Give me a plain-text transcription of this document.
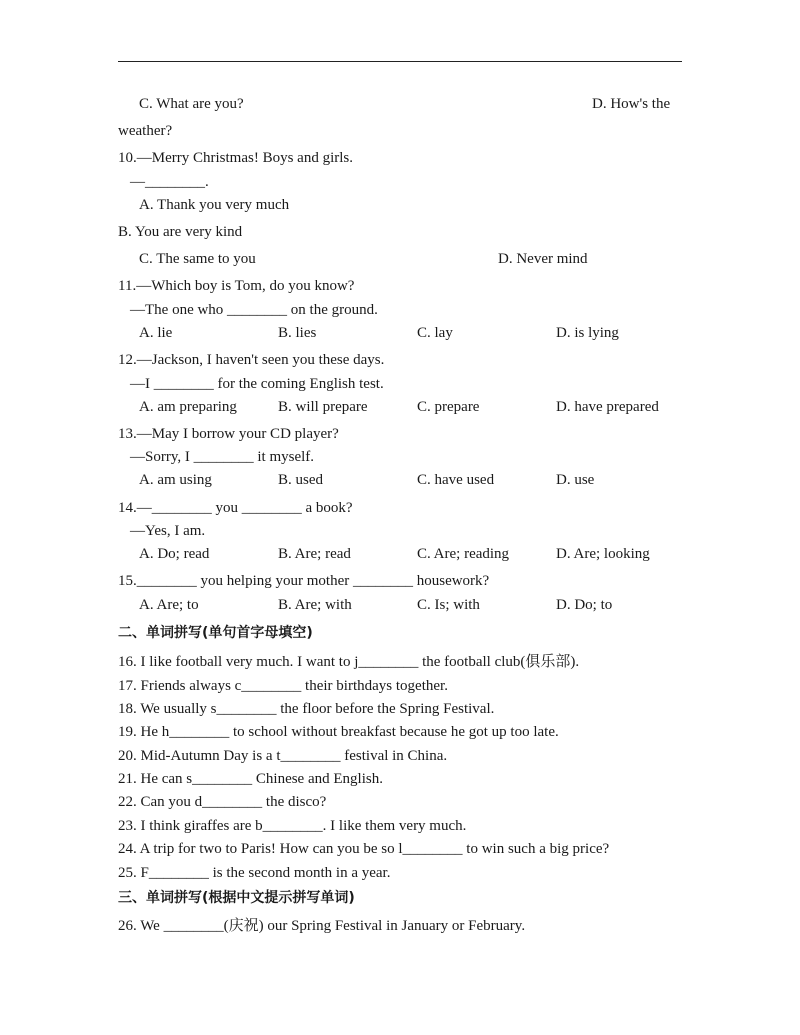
C. What are you?	D. How's the
weather?
10.—Merry Christmas! Boys and girls.
—________.
A. Thank you very much
B. You are very kind
C. The same to you	D. Never mind
11.—Which boy is Tom, do you know?
—The one who ________ on the ground.
A. lie	B. lies	C. lay	D. is lying
12.—Jackson, I haven't seen you these days.
—I ________ for the coming English test.
A. am preparing	B. will prepare	C. prepare	D. have prepared
13.—May I borrow your CD player?
—Sorry, I ________ it myself.
A. am using	B. used	C. have used	D. use
14.—________ you ________ a book?
—Yes, I am.
A. Do; read	B. Are; read	C. Are; reading	D. Are; looking
15.________ you helping your mother ________ housework?
A. Are; to	B. Are; with	C. Is; with	D. Do; to
二、单词拼写(单句首字母填空)
16. I like football very much. I want to j________ the football club(俱乐部).
17. Friends always c________ their birthdays together.
18. We usually s________ the floor before the Spring Festival.
19. He h________ to school without breakfast because he got up too late.
20. Mid-Autumn Day is a t________ festival in China.
21. He can s________ Chinese and English.
22. Can you d________ the disco?
23. I think giraffes are b________. I like them very much.
24. A trip for two to Paris! How can you be so l________ to win such a big price?
25. F________ is the second month in a year.
三、单词拼写(根据中文提示拼写单词)
26. We ________(庆祝) our Spring Festival in January or February.
